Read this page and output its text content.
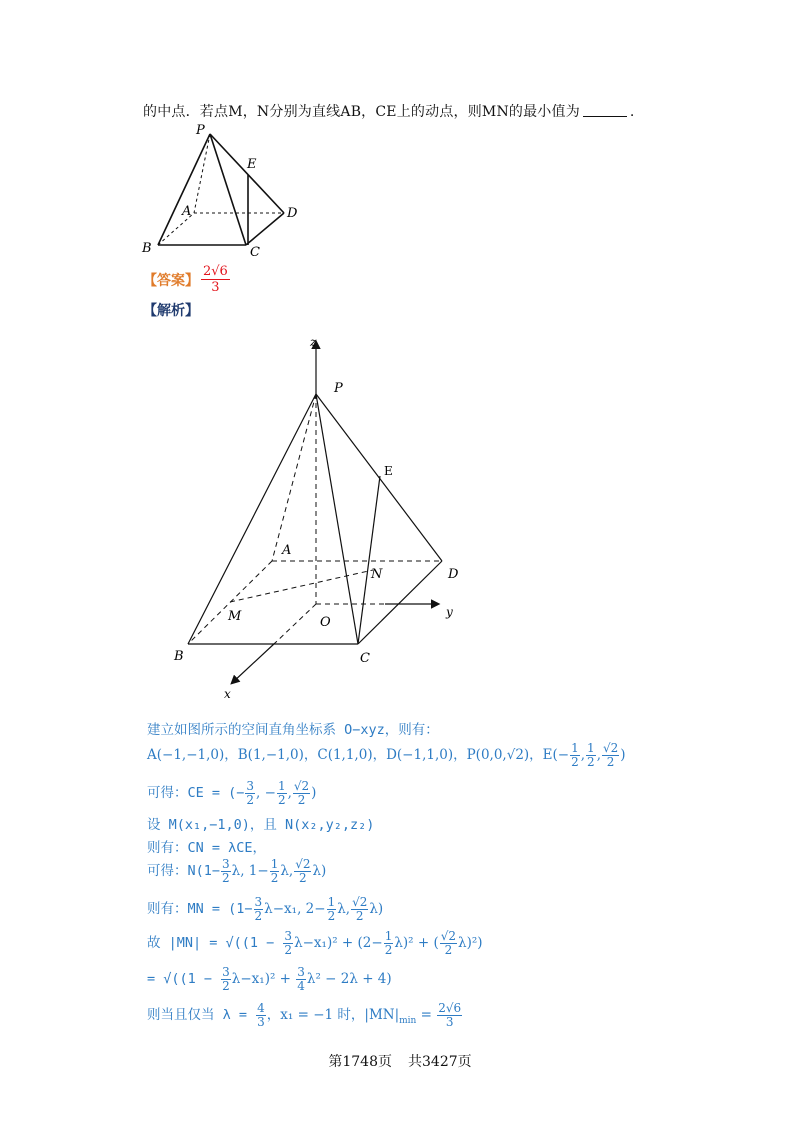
的中点．若点M，N分别为直线AB，CE上的动点，则MN的最小值为	.
P
E
A	D
B	C
【答案】 $\frac{2√6}{3}$
【解析】
z
P
E
A
N	D
y
M	O
B	C
x
建立如图所示的空间直角坐标系 O−xyz，则有：
A(−1,−1,0)，B(1,−1,0)，C(1,1,0)，D(−1,1,0)，P(0,0,√2)，$E(- \frac{1}{2}$ , $\frac{1}{2}$ , $\frac{√2}{2}$ )
可得：CE = (− $\frac{3}{2}$ , − $\frac{1}{2}$ , $\frac{√2}{2}$ )
设 M(x₁,−1,0)，且 N(x₂,y₂,z₂)
则有：CN = λCE，
可得：$N(1- \frac{3}{2} \lambda$, $1- \frac{1}{2} \lambda$, $\frac{√2}{2} \lambda$)
则有：MN = ($1- \frac{3}{2} \lambda-x_1$, $2- \frac{1}{2} \lambda$, $\frac{√2}{2} \lambda$)
故 $|MN| = √((1 - \frac{3}{2} \lambda-x_1)^2 + (2- \frac{1}{2} \lambda)^2$ + ( $\frac{√2}{2} \lambda)^2$)
= $√((1 - \frac{3}{2} \lambda-x_1)^2 + \frac{3}{4} \lambda^2 - 2\lambda + 4)$
则当且仅当 $\lambda = \frac{4}{3}$ ，x₁ = −1 时，$|MN|_{min} = \frac{2√6}{3}$
第1748页 共3427页
